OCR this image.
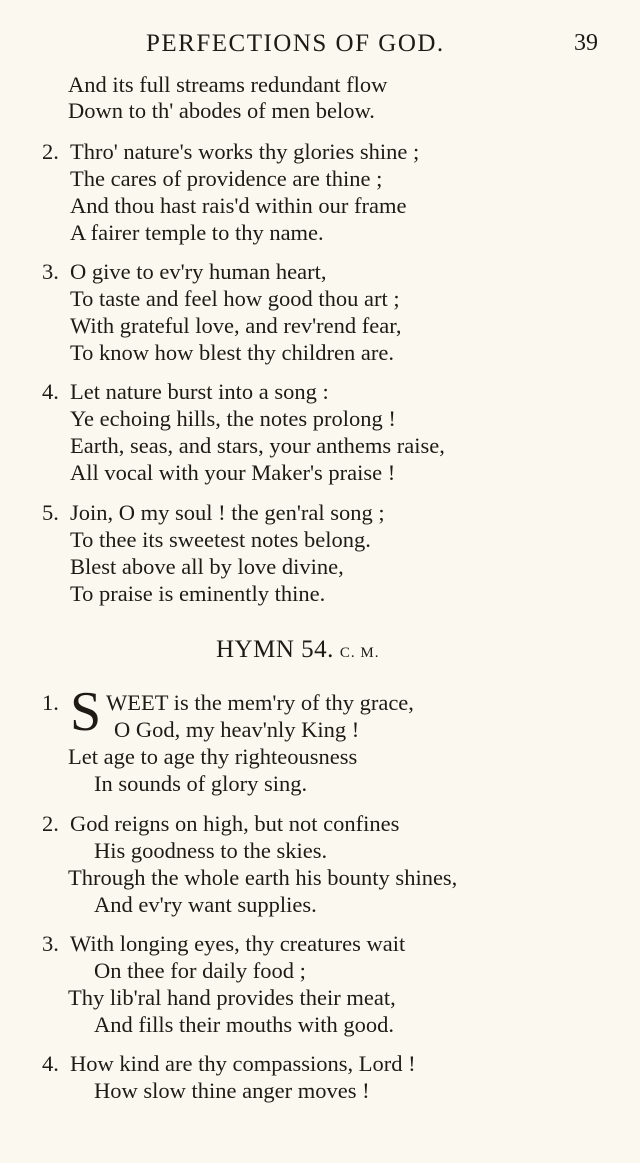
PERFECTIONS OF GOD.	39
And its full streams redundant flow
Down to th' abodes of men below.
2. Thro' nature's works thy glories shine ;
The cares of providence are thine ;
And thou hast rais'd within our frame
A fairer temple to thy name.
3. O give to ev'ry human heart,
To taste and feel how good thou art ;
With grateful love, and rev'rend fear,
To know how blest thy children are.
4. Let nature burst into a song :
Ye echoing hills, the notes prolong !
Earth, seas, and stars, your anthems raise,
All vocal with your Maker's praise !
5. Join, O my soul ! the gen'ral song ;
To thee its sweetest notes belong.
Blest above all by love divine,
To praise is eminently thine.
HYMN 54. C. M.
1. S WEET is the mem'ry of thy grace,
O God, my heav'nly King !
Let age to age thy righteousness
In sounds of glory sing.
2. God reigns on high, but not confines
His goodness to the skies.
Through the whole earth his bounty shines,
And ev'ry want supplies.
3. With longing eyes, thy creatures wait
On thee for daily food ;
Thy lib'ral hand provides their meat,
And fills their mouths with good.
4. How kind are thy compassions, Lord !
How slow thine anger moves !
